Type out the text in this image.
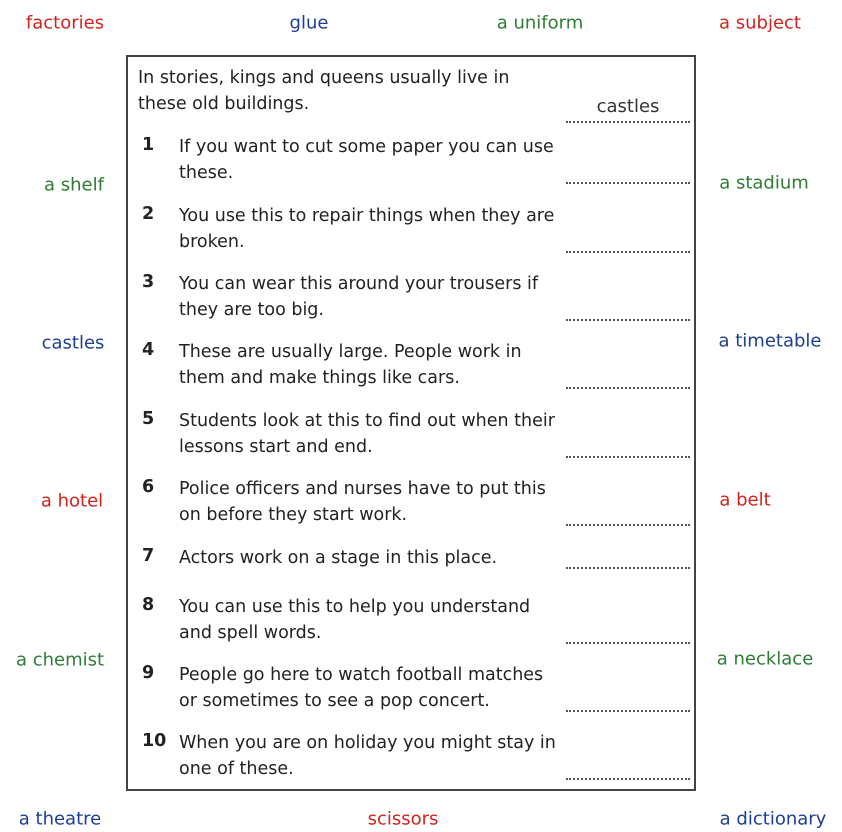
factories	glue	a uniform	a subject
a shelf	a stadium
castles	a timetable
a hotel	a belt
a chemist	a necklace
a theatre	scissors	a dictionary
In stories, kings and queens usually live in these old buildings.	castles
1 If you want to cut some paper you can use these.
2 You use this to repair things when they are broken.
3 You can wear this around your trousers if they are too big.
4 These are usually large. People work in them and make things like cars.
5 Students look at this to find out when their lessons start and end.
6 Police officers and nurses have to put this on before they start work.
7 Actors work on a stage in this place.
8 You can use this to help you understand and spell words.
9 People go here to watch football matches or sometimes to see a pop concert.
10 When you are on holiday you might stay in one of these.
